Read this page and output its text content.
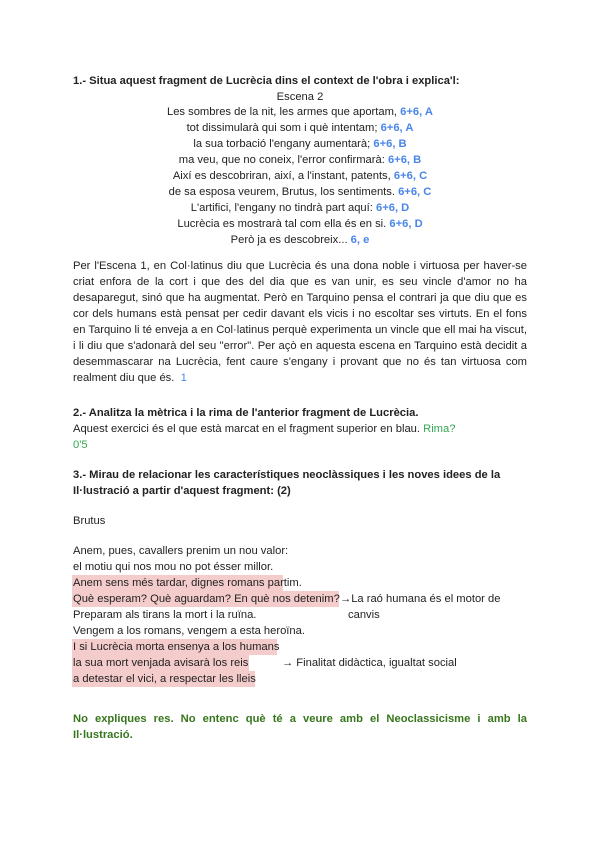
1.- Situa aquest fragment de Lucrècia dins el context de l'obra i explica'l:
Escena 2
Les sombres de la nit, les armes que aportam, 6+6, A
tot dissimularà qui som i què intentam; 6+6, A
la sua torbació l'engany aumentarà; 6+6, B
ma veu, que no coneix, l'error confirmarà: 6+6, B
Així es descobriran, així, a l'instant, patents, 6+6, C
de sa esposa veurem, Brutus, los sentiments. 6+6, C
L'artifici, l'engany no tindrà part aquí: 6+6, D
Lucrècia es mostrarà tal com ella és en si. 6+6, D
Però ja es descobreix... 6, e
Per l'Escena 1, en Col·latinus diu que Lucrècia és una dona noble i virtuosa per haver-se criat enfora de la cort i que des del dia que es van unir, es seu vincle d'amor no ha desaparegut, sinó que ha augmentat. Però en Tarquino pensa el contrari ja que diu que es cor dels humans està pensat per cedir davant els vicis i no escoltar ses virtuts. En el fons en Tarquino li té enveja a en Col·latinus perquè experimenta un vincle que ell mai ha viscut, i li diu que s'adonarà del seu "error". Per açò en aquesta escena en Tarquino està decidit a desemmascarar na Lucrècia, fent caure s'engany i provant que no és tan virtuosa com realment diu que és. 1
2.- Analitza la mètrica i la rima de l'anterior fragment de Lucrècia.
Aquest exercici és el que està marcat en el fragment superior en blau. Rima?
0'5
3.- Mirau de relacionar les característiques neoclàssiques i les noves idees de la
Il·lustració a partir d'aquest fragment: (2)
Brutus
Anem, pues, cavallers prenim un nou valor:
el motiu qui nos mou no pot ésser millor.
Anem sens més tardar, dignes romans partim.
Què esperam? Què aguardam? En què nos detenim?
Preparam als tirans la mort i la ruïna.
Vengem a los romans, vengem a esta heroïna.
I si Lucrècia morta ensenya a los humans
la sua mort venjada avisarà los reis
a detestar el vici, a respectar les lleis
→La raó humana és el motor de
canvis
→ Finalitat didàctica, igualtat social
No expliques res. No entenc què té a veure amb el Neoclassicisme i amb la Il·lustració.
